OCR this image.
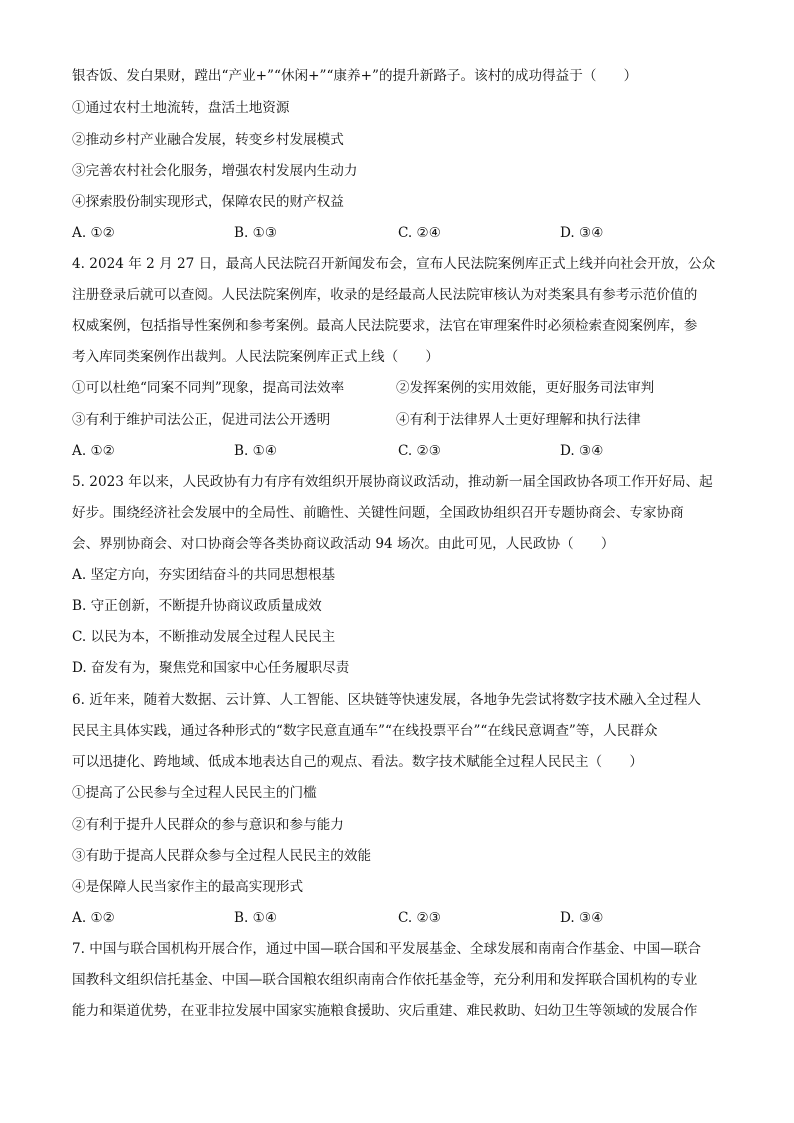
银杏饭、发白果财，蹚出“产业+”“休闲+”“康养+”的提升新路子。该村的成功得益于（　　）
①通过农村土地流转，盘活土地资源
②推动乡村产业融合发展，转变乡村发展模式
③完善农村社会化服务，增强农村发展内生动力
④探索股份制实现形式，保障农民的财产权益
A. ①②	B. ①③	C. ②④	D. ③④
4. 2024 年 2 月 27 日，最高人民法院召开新闻发布会，宣布人民法院案例库正式上线并向社会开放，公众
注册登录后就可以查阅。人民法院案例库，收录的是经最高人民法院审核认为对类案具有参考示范价值的
权威案例，包括指导性案例和参考案例。最高人民法院要求，法官在审理案件时必须检索查阅案例库，参
考入库同类案例作出裁判。人民法院案例库正式上线（　　）
①可以杜绝“同案不同判”现象，提高司法效率	②发挥案例的实用效能，更好服务司法审判
③有利于维护司法公正，促进司法公开透明	④有利于法律界人士更好理解和执行法律
A. ①②	B. ①④	C. ②③	D. ③④
5. 2023 年以来，人民政协有力有序有效组织开展协商议政活动，推动新一届全国政协各项工作开好局、起
好步。围绕经济社会发展中的全局性、前瞻性、关键性问题，全国政协组织召开专题协商会、专家协商
会、界别协商会、对口协商会等各类协商议政活动 94 场次。由此可见，人民政协（　　）
A. 坚定方向，夯实团结奋斗的共同思想根基
B. 守正创新，不断提升协商议政质量成效
C. 以民为本，不断推动发展全过程人民民主
D. 奋发有为，聚焦党和国家中心任务履职尽责
6. 近年来，随着大数据、云计算、人工智能、区块链等快速发展，各地争先尝试将数字技术融入全过程人
民民主具体实践，通过各种形式的“数字民意直通车”“在线投票平台”“在线民意调查”等，人民群众
可以迅捷化、跨地域、低成本地表达自己的观点、看法。数字技术赋能全过程人民民主（　　）
①提高了公民参与全过程人民民主的门槛
②有利于提升人民群众的参与意识和参与能力
③有助于提高人民群众参与全过程人民民主的效能
④是保障人民当家作主的最高实现形式
A. ①②	B. ①④	C. ②③	D. ③④
7. 中国与联合国机构开展合作，通过中国—联合国和平发展基金、全球发展和南南合作基金、中国—联合
国教科文组织信托基金、中国—联合国粮农组织南南合作依托基金等，充分利用和发挥联合国机构的专业
能力和渠道优势，在亚非拉发展中国家实施粮食援助、灾后重建、难民救助、妇幼卫生等领域的发展合作
